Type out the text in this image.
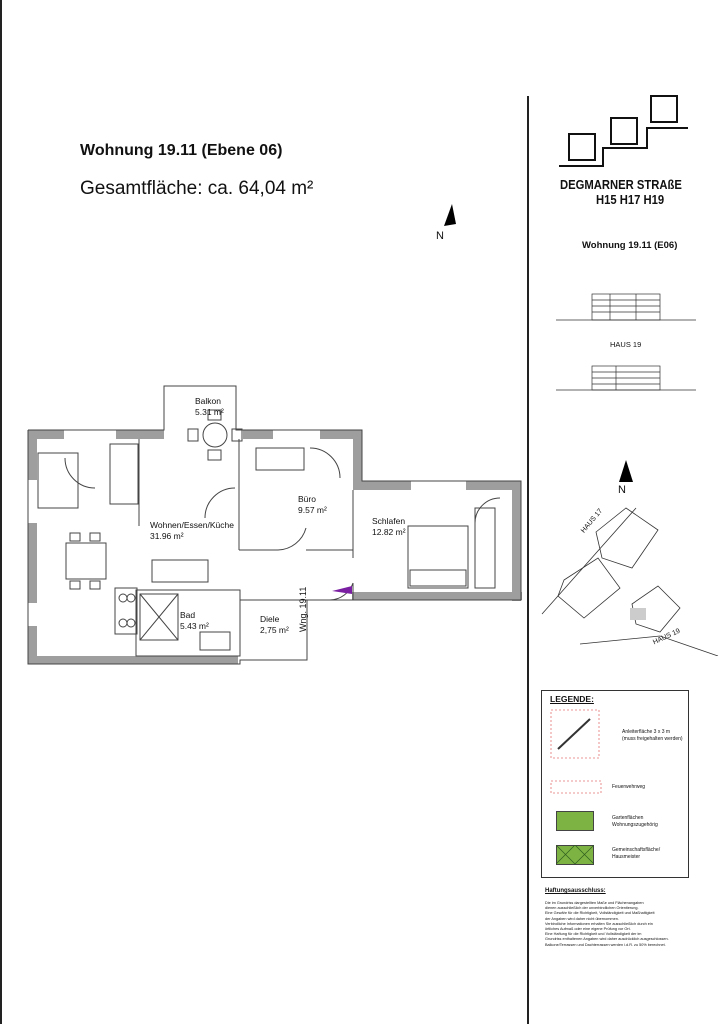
Wohnung 19.11 (Ebene 06)
Gesamtfläche: ca. 64,04 m²
N
Balkon
5.31 m²
Wohnen/Essen/Küche
31.96 m²
Büro
9.57 m²
Schlafen
12.82 m²
Bad
5.43 m²
Diele
2,75 m² Wng. 19.11
DEGMARNER STRAßE
H15 H17 H19
Wohnung 19.11 (E06)
HAUS 19
N
HAUS 17
HAUS 19
LEGENDE:
Anleiterfläche 3 x 3 m
(muss freigehalten werden)
Feuerwehrweg
Gartenflächen
Wohnungszugehörig
Gemeinschaftsfläche/
Hausmeister
Haftungsausschluss:
Die im Grundriss dargestellten Maße und Flächenangaben
dienen ausschließlich der unverbindlichen Orientierung.
Eine Gewähr für die Richtigkeit, Vollständigkeit und Maßhaltigkeit
der Angaben wird daher nicht übernommen.
Verbindliche Informationen erhalten Sie ausschließlich durch ein
örtliches Aufmaß oder eine eigene Prüfung vor Ort.
Eine Haftung für die Richtigkeit und Vollständigkeit der im
Grundriss enthaltenen Angaben wird daher ausdrücklich ausgeschlossen.
Balkone/Terrassen und Dachterrassen werden i.d.R. zu 50% berechnet.
